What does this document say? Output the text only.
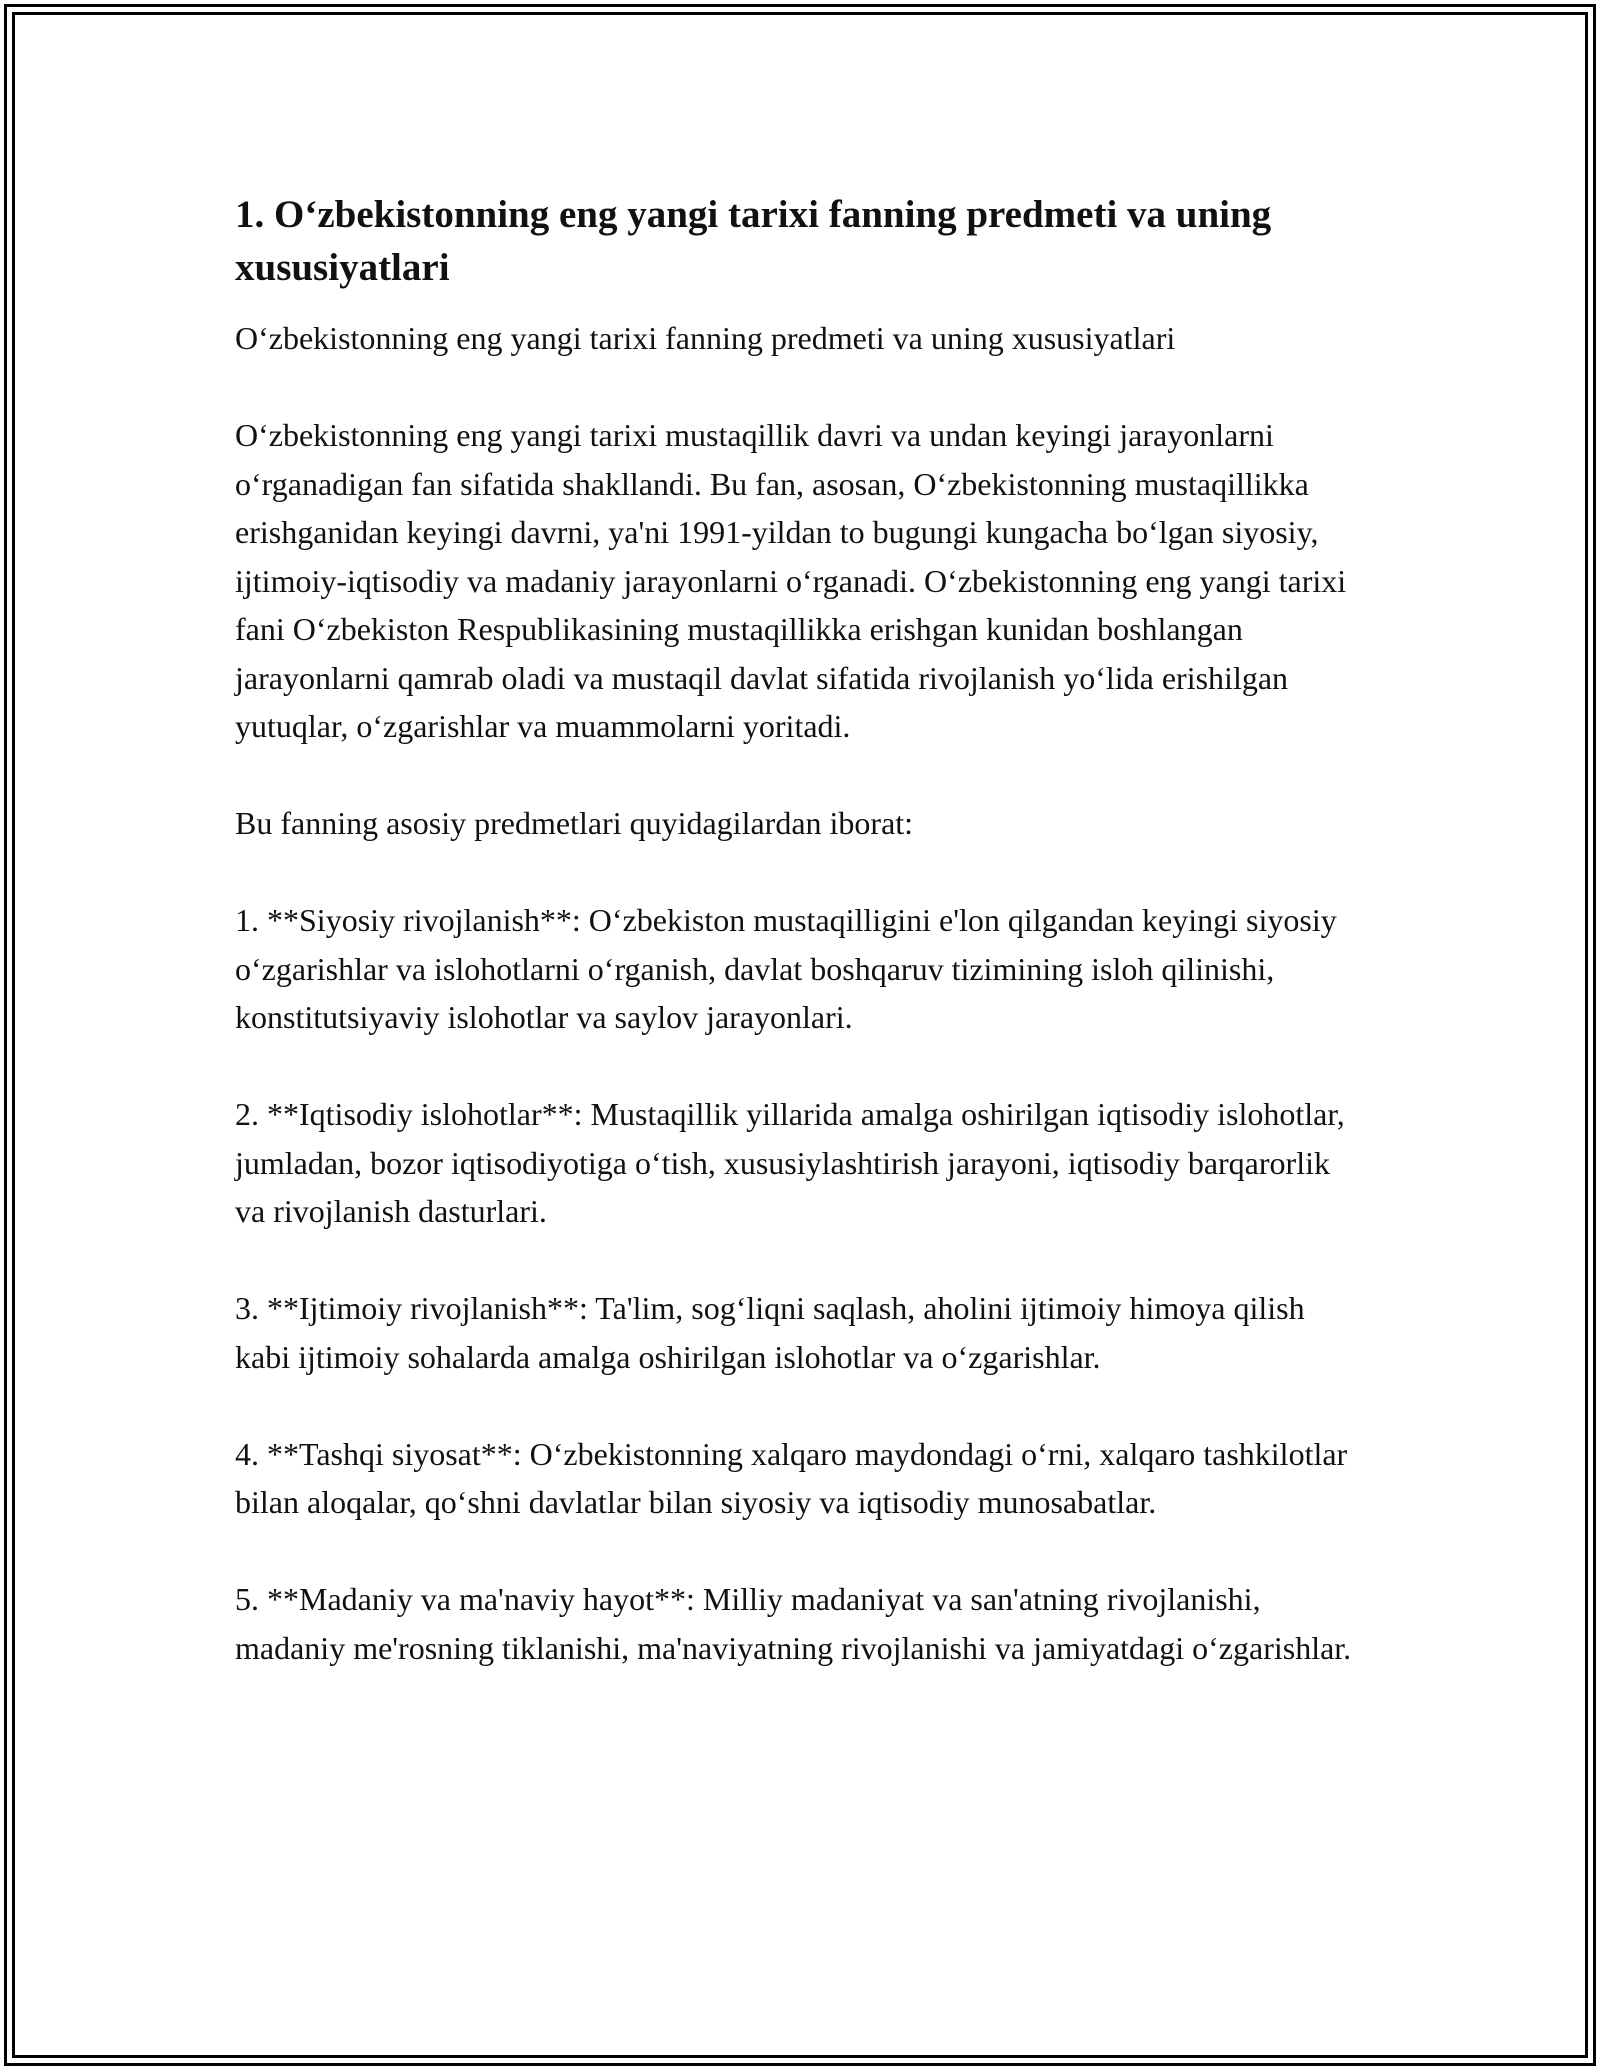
1. O‘zbekistonning eng yangi tarixi fanning predmeti va uning xususiyatlari

O‘zbekistonning eng yangi tarixi fanning predmeti va uning xususiyatlari

O‘zbekistonning eng yangi tarixi mustaqillik davri va undan keyingi jarayonlarni o‘rganadigan fan sifatida shakllandi. Bu fan, asosan, O‘zbekistonning mustaqillikka erishganidan keyingi davrni, ya'ni 1991-yildan to bugungi kungacha bo‘lgan siyosiy, ijtimoiy-iqtisodiy va madaniy jarayonlarni o‘rganadi. O‘zbekistonning eng yangi tarixi fani O‘zbekiston Respublikasining mustaqillikka erishgan kunidan boshlangan jarayonlarni qamrab oladi va mustaqil davlat sifatida rivojlanish yo‘lida erishilgan yutuqlar, o‘zgarishlar va muammolarni yoritadi.

Bu fanning asosiy predmetlari quyidagilardan iborat:

1. **Siyosiy rivojlanish**: O‘zbekiston mustaqilligini e'lon qilgandan keyingi siyosiy o‘zgarishlar va islohotlarni o‘rganish, davlat boshqaruv tizimining isloh qilinishi, konstitutsiyaviy islohotlar va saylov jarayonlari.

2. **Iqtisodiy islohotlar**: Mustaqillik yillarida amalga oshirilgan iqtisodiy islohotlar, jumladan, bozor iqtisodiyotiga o‘tish, xususiylashtirish jarayoni, iqtisodiy barqarorlik va rivojlanish dasturlari.

3. **Ijtimoiy rivojlanish**: Ta'lim, sog‘liqni saqlash, aholini ijtimoiy himoya qilish kabi ijtimoiy sohalarda amalga oshirilgan islohotlar va o‘zgarishlar.

4. **Tashqi siyosat**: O‘zbekistonning xalqaro maydondagi o‘rni, xalqaro tashkilotlar bilan aloqalar, qo‘shni davlatlar bilan siyosiy va iqtisodiy munosabatlar.

5. **Madaniy va ma'naviy hayot**: Milliy madaniyat va san'atning rivojlanishi, madaniy me'rosning tiklanishi, ma'naviyatning rivojlanishi va jamiyatdagi o‘zgarishlar.
